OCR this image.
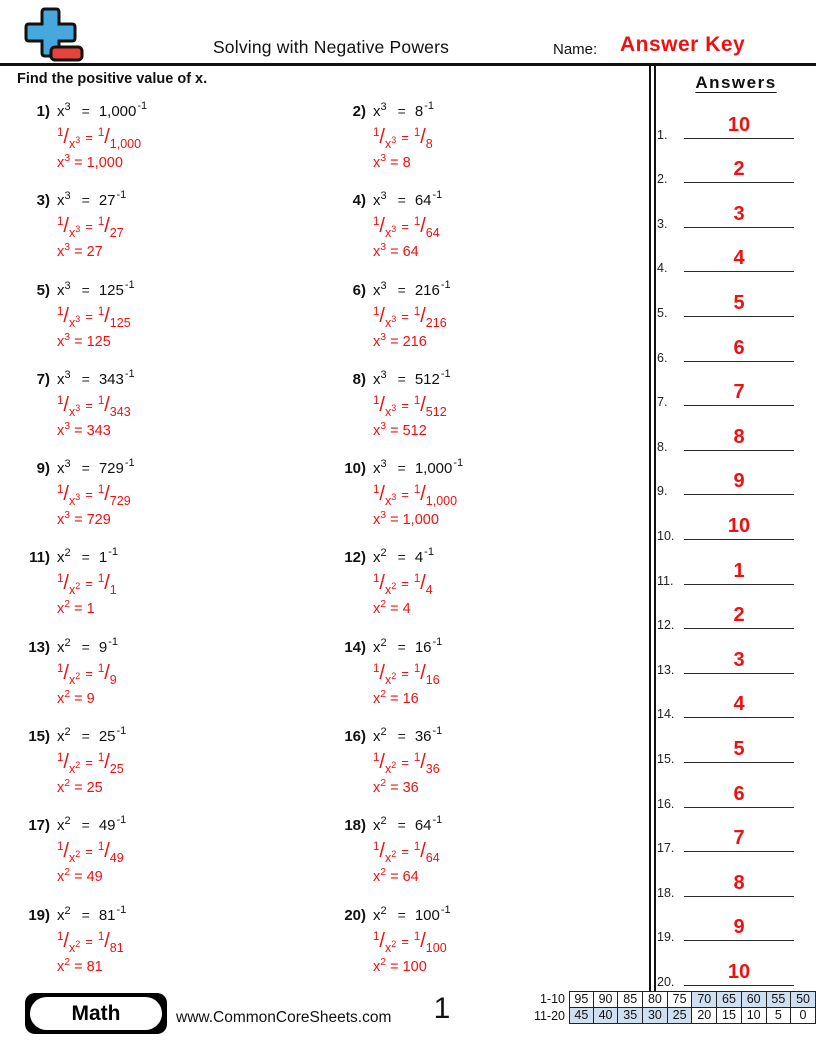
Solving with Negative Powers	Name: Answer Key
Find the positive value of x.
1) $x^3 = 1,000^{-1}$
$^1/_{x^3} = ^1/_{1,000}$
$x^3 = 1,000$
2) $x^3 = 8^{-1}$
$^1/_{x^3} = ^1/_8$
$x^3 = 8$
3) $x^3 = 27^{-1}$
$^1/_{x^3} = ^1/_{27}$
$x^3 = 27$
4) $x^3 = 64^{-1}$
$^1/_{x^3} = ^1/_{64}$
$x^3 = 64$
5) $x^3 = 125^{-1}$
$^1/_{x^3} = ^1/_{125}$
$x^3 = 125$
6) $x^3 = 216^{-1}$
$^1/_{x^3} = ^1/_{216}$
$x^3 = 216$
7) $x^3 = 343^{-1}$
$^1/_{x^3} = ^1/_{343}$
$x^3 = 343$
8) $x^3 = 512^{-1}$
$^1/_{x^3} = ^1/_{512}$
$x^3 = 512$
9) $x^3 = 729^{-1}$
$^1/_{x^3} = ^1/_{729}$
$x^3 = 729$
10) $x^3 = 1,000^{-1}$
$^1/_{x^3} = ^1/_{1,000}$
$x^3 = 1,000$
11) $x^2 = 1^{-1}$
$^1/_{x^2} = ^1/_1$
$x^2 = 1$
12) $x^2 = 4^{-1}$
$^1/_{x^2} = ^1/_4$
$x^2 = 4$
13) $x^2 = 9^{-1}$
$^1/_{x^2} = ^1/_9$
$x^2 = 9$
14) $x^2 = 16^{-1}$
$^1/_{x^2} = ^1/_{16}$
$x^2 = 16$
15) $x^2 = 25^{-1}$
$^1/_{x^2} = ^1/_{25}$
$x^2 = 25$
16) $x^2 = 36^{-1}$
$^1/_{x^2} = ^1/_{36}$
$x^2 = 36$
17) $x^2 = 49^{-1}$
$^1/_{x^2} = ^1/_{49}$
$x^2 = 49$
18) $x^2 = 64^{-1}$
$^1/_{x^2} = ^1/_{64}$
$x^2 = 64$
19) $x^2 = 81^{-1}$
$^1/_{x^2} = ^1/_{81}$
$x^2 = 81$
20) $x^2 = 100^{-1}$
$^1/_{x^2} = ^1/_{100}$
$x^2 = 100$
Answers
1.	10
2.	2
3.	3
4.	4
5.	5
6.	6
7.	7
8.	8
9.	9
10.	10
11.	1
12.	2
13.	3
14.	4
15.	5
16.	6
17.	7
18.	8
19.	9
20.	10
Math	www.CommonCoreSheets.com	1	1-10 95 90 85 80 75 70 65 60 55 50
11-20 45 40 35 30 25 20 15 10	5	0
